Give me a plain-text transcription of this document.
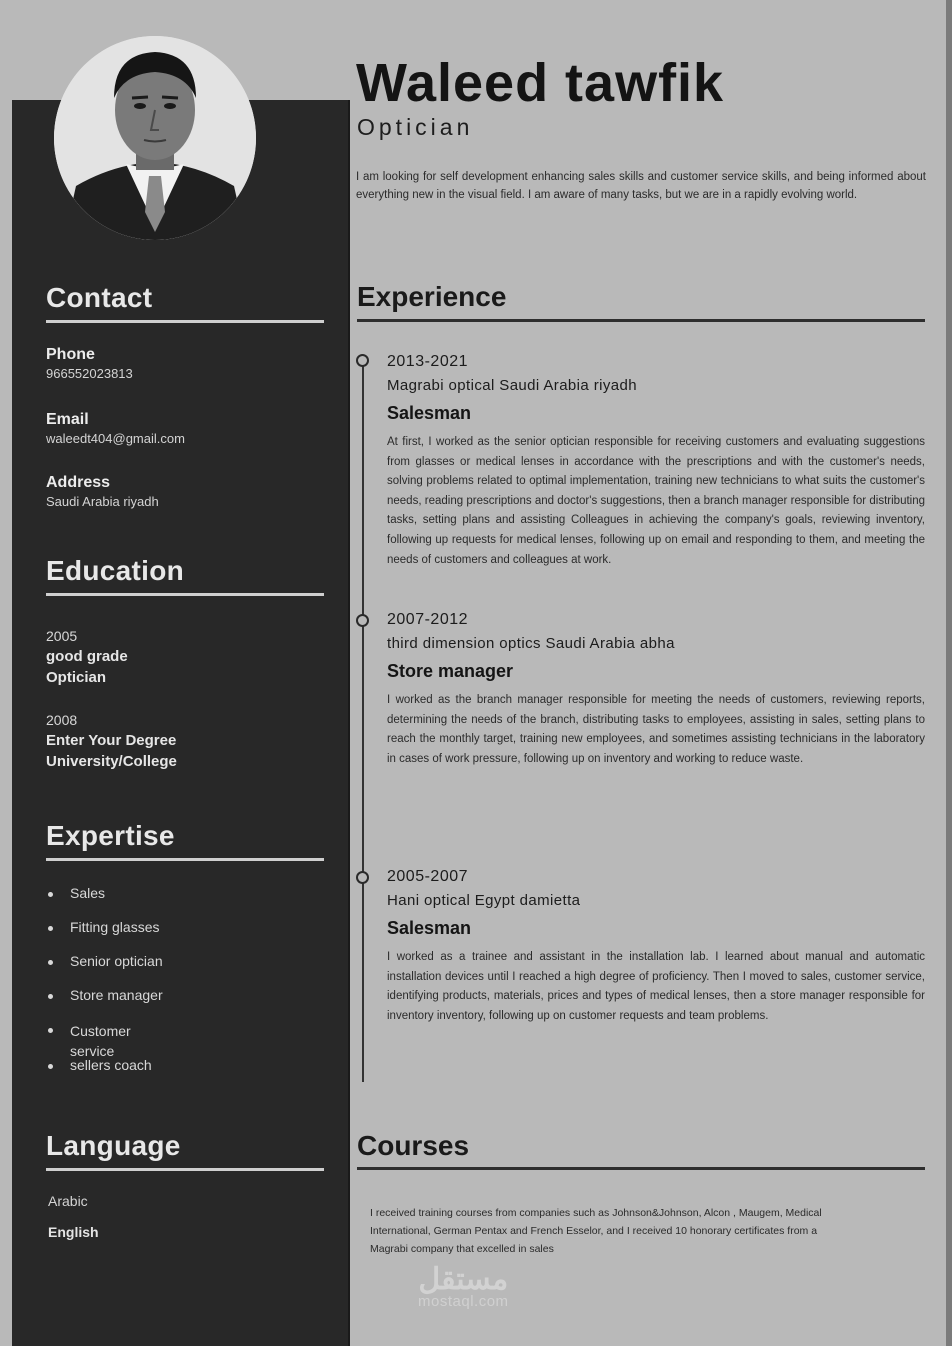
Contact
Phone
966552023813
Email
waleedt404@gmail.com
Address
Saudi Arabia riyadh
Education
2005
good grade
Optician
2008
Enter Your Degree
University/College
Expertise
Sales
Fitting glasses
Senior optician
Store manager
Customer service
sellers coach
Language
Arabic
English
Waleed tawfik
Optician
I am looking for self development enhancing sales skills and customer service skills, and being informed about everything new in the visual field. I am aware of many tasks, but we are in a rapidly evolving world.
Experience
2013-2021
Magrabi optical Saudi Arabia riyadh
Salesman
At first, I worked as the senior optician responsible for receiving customers and evaluating suggestions from glasses or medical lenses in accordance with the prescriptions and with the customer's needs, solving problems related to optimal implementation, training new technicians to what suits the customer's needs, reading prescriptions and doctor's suggestions, then a branch manager responsible for distributing tasks, setting plans and assisting Colleagues in achieving the company's goals, reviewing inventory, following up requests for medical lenses, following up on email and responding to them, and meeting the needs of customers and colleagues at work.
2007-2012
third dimension optics Saudi Arabia abha
Store manager
I worked as the branch manager responsible for meeting the needs of customers, reviewing reports, determining the needs of the branch, distributing tasks to employees, assisting in sales, setting plans to reach the monthly target, training new employees, and sometimes assisting technicians in the laboratory in cases of work pressure, following up on inventory and working to reduce waste.
2005-2007
Hani optical Egypt damietta
Salesman
I worked as a trainee and assistant in the installation lab. I learned about manual and automatic installation devices until I reached a high degree of proficiency. Then I moved to sales, customer service, identifying products, materials, prices and types of medical lenses, then a store manager responsible for inventory inventory, following up on customer requests and team problems.
Courses
I received training courses from companies such as Johnson&Johnson, Alcon , Maugem, Medical International, German Pentax and French Esselor, and I received 10 honorary certificates from a Magrabi company that excelled in sales
مستقل
mostaql.com
